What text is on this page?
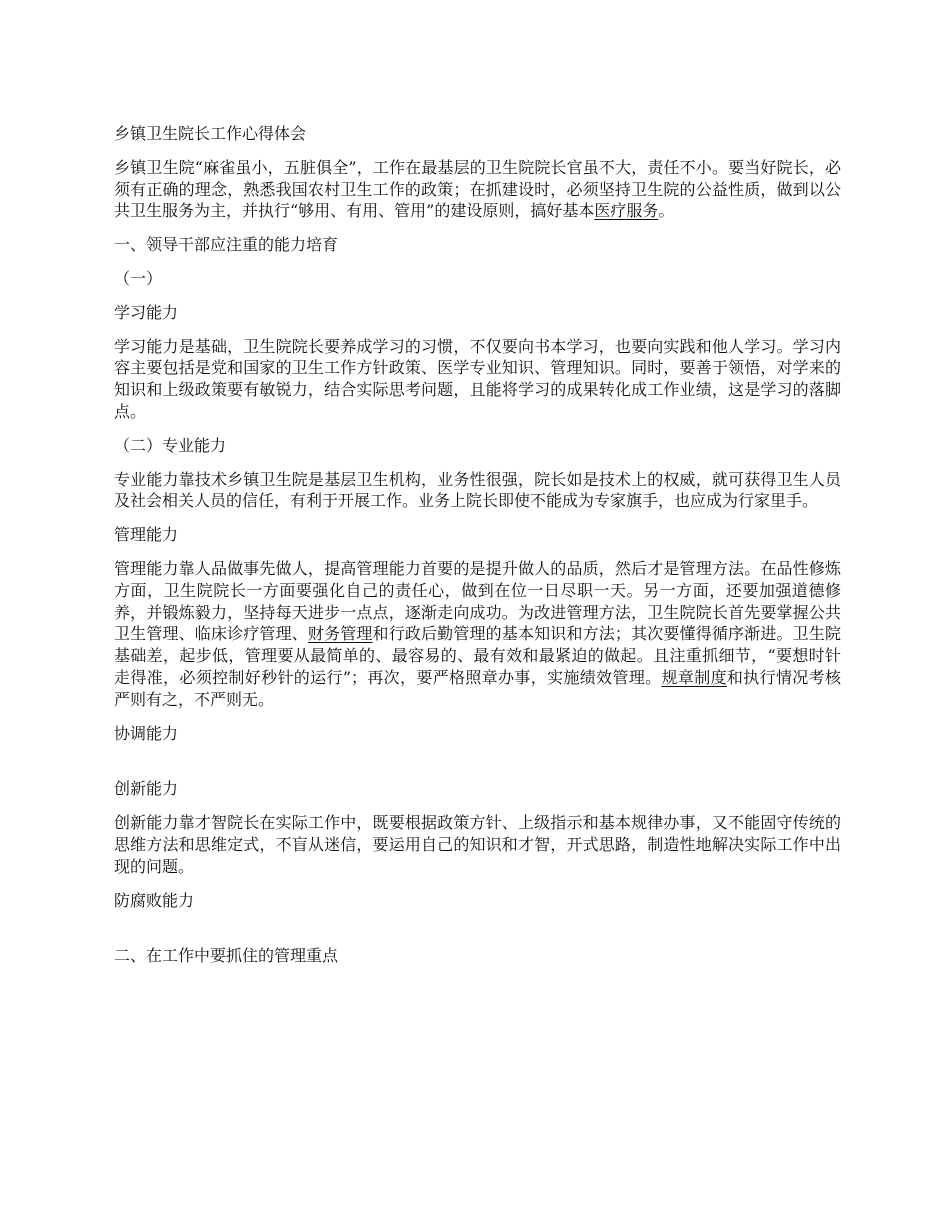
乡镇卫生院长工作心得体会

乡镇卫生院“麻雀虽小，五脏俱全”，工作在最基层的卫生院院长官虽不大，责任不小。要当好院长，必须有正确的理念，熟悉我国农村卫生工作的政策；在抓建设时，必须坚持卫生院的公益性质，做到以公共卫生服务为主，并执行“够用、有用、管用”的建设原则，搞好基本医疗服务。

一、领导干部应注重的能力培育

（一）

学习能力

学习能力是基础，卫生院院长要养成学习的习惯，不仅要向书本学习，也要向实践和他人学习。学习内容主要包括是党和国家的卫生工作方针政策、医学专业知识、管理知识。同时，要善于领悟，对学来的知识和上级政策要有敏锐力，结合实际思考问题，且能将学习的成果转化成工作业绩，这是学习的落脚点。

（二）专业能力

专业能力靠技术乡镇卫生院是基层卫生机构，业务性很强，院长如是技术上的权威，就可获得卫生人员及社会相关人员的信任，有利于开展工作。业务上院长即使不能成为专家旗手，也应成为行家里手。

管理能力

管理能力靠人品做事先做人，提高管理能力首要的是提升做人的品质，然后才是管理方法。在品性修炼方面，卫生院院长一方面要强化自己的责任心，做到在位一日尽职一天。另一方面，还要加强道德修养，并锻炼毅力，坚持每天进步一点点，逐渐走向成功。为改进管理方法，卫生院院长首先要掌握公共卫生管理、临床诊疗管理、财务管理和行政后勤管理的基本知识和方法；其次要懂得循序渐进。卫生院基础差，起步低，管理要从最简单的、最容易的、最有效和最紧迫的做起。且注重抓细节，“要想时针走得准，必须控制好秒针的运行”；再次，要严格照章办事，实施绩效管理。规章制度和执行情况考核严则有之，不严则无。

协调能力

创新能力

创新能力靠才智院长在实际工作中，既要根据政策方针、上级指示和基本规律办事，又不能固守传统的思维方法和思维定式，不盲从迷信，要运用自己的知识和才智，开式思路，制造性地解决实际工作中出现的问题。

防腐败能力

二、在工作中要抓住的管理重点
